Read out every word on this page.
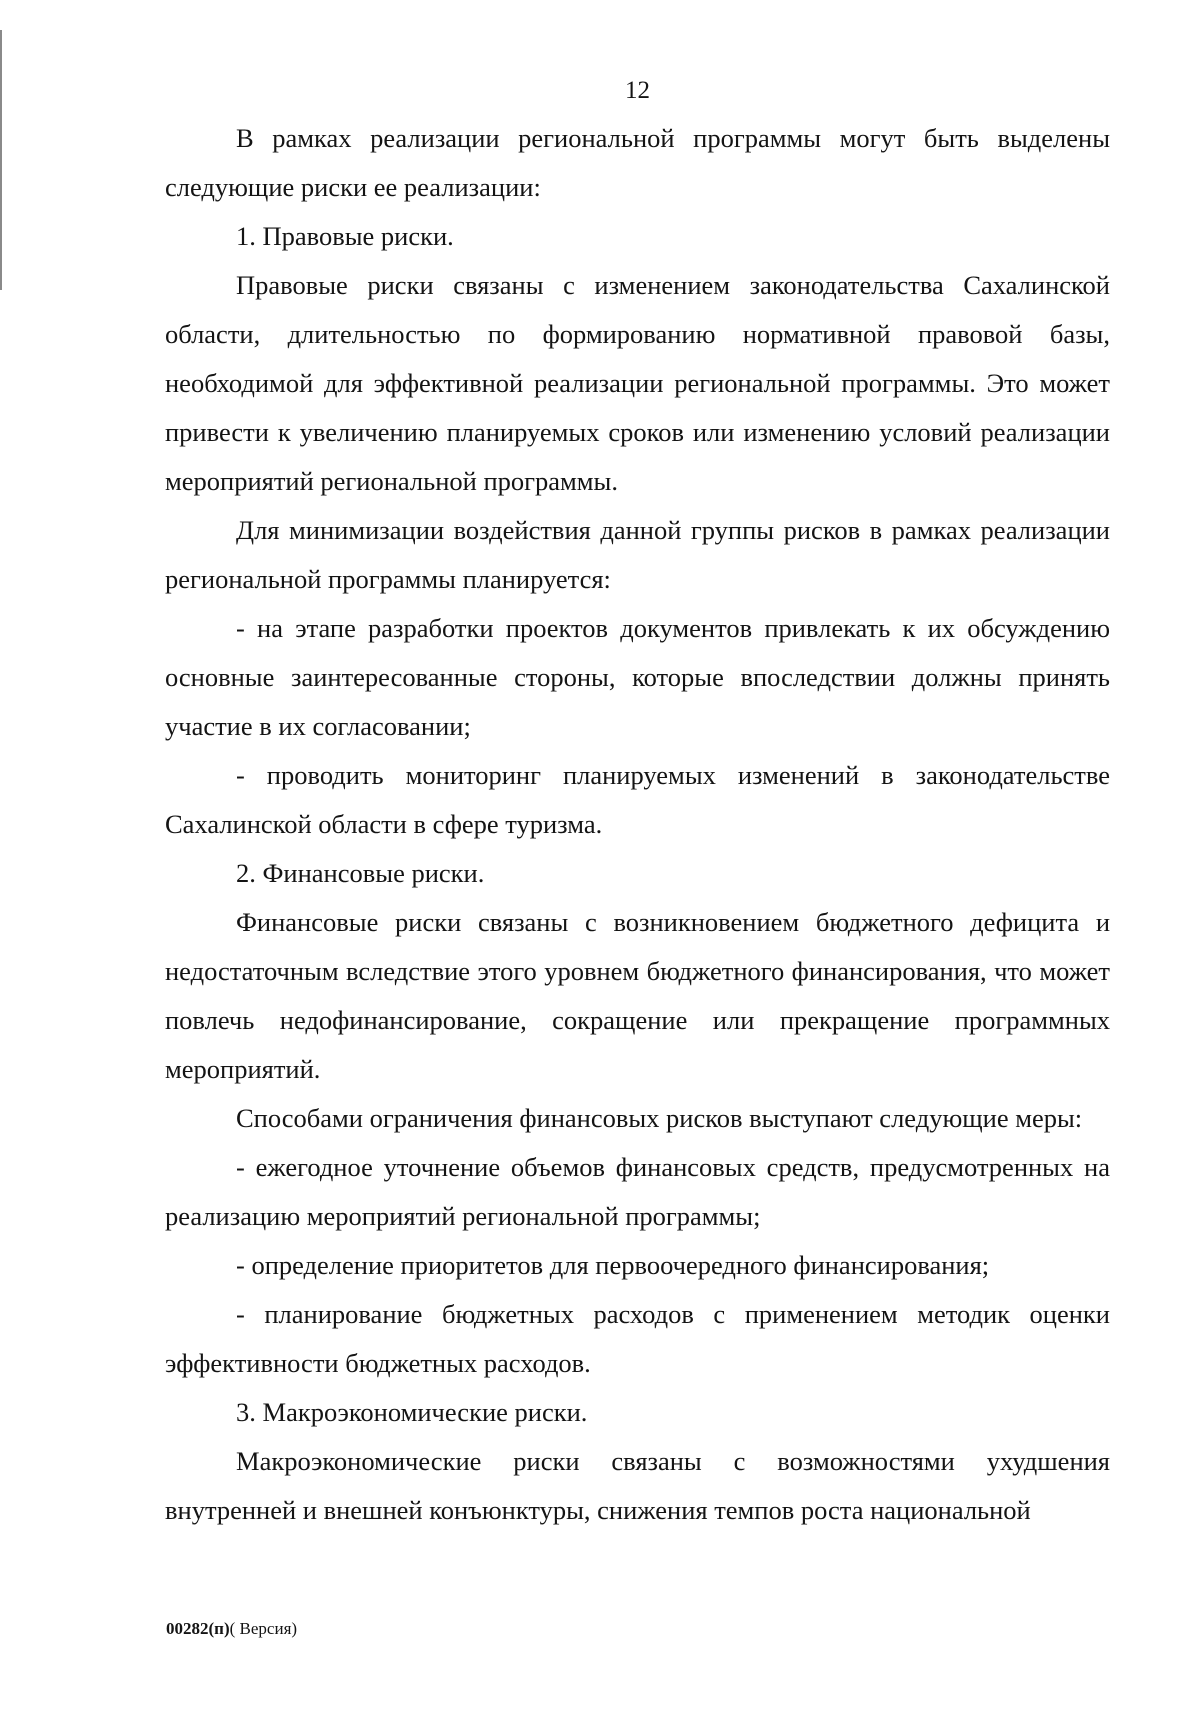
12

В рамках реализации региональной программы могут быть выделены следующие риски ее реализации:

1. Правовые риски.

Правовые риски связаны с изменением законодательства Сахалинской области, длительностью по формированию нормативной правовой базы, необходимой для эффективной реализации региональной программы. Это может привести к увеличению планируемых сроков или изменению условий реализации мероприятий региональной программы.

Для минимизации воздействия данной группы рисков в рамках реализации региональной программы планируется:

- на этапе разработки проектов документов привлекать к их обсуждению основные заинтересованные стороны, которые впоследствии должны принять участие в их согласовании;

- проводить мониторинг планируемых изменений в законодательстве Сахалинской области в сфере туризма.

2. Финансовые риски.

Финансовые риски связаны с возникновением бюджетного дефицита и недостаточным вследствие этого уровнем бюджетного финансирования, что может повлечь недофинансирование, сокращение или прекращение программных мероприятий.

Способами ограничения финансовых рисков выступают следующие меры:

- ежегодное уточнение объемов финансовых средств, предусмотренных на реализацию мероприятий региональной программы;

- определение приоритетов для первоочередного финансирования;

- планирование бюджетных расходов с применением методик оценки эффективности бюджетных расходов.

3. Макроэкономические риски.

Макроэкономические риски связаны с возможностями ухудшения внутренней и внешней конъюнктуры, снижения темпов роста национальной

00282(п)( Версия)
